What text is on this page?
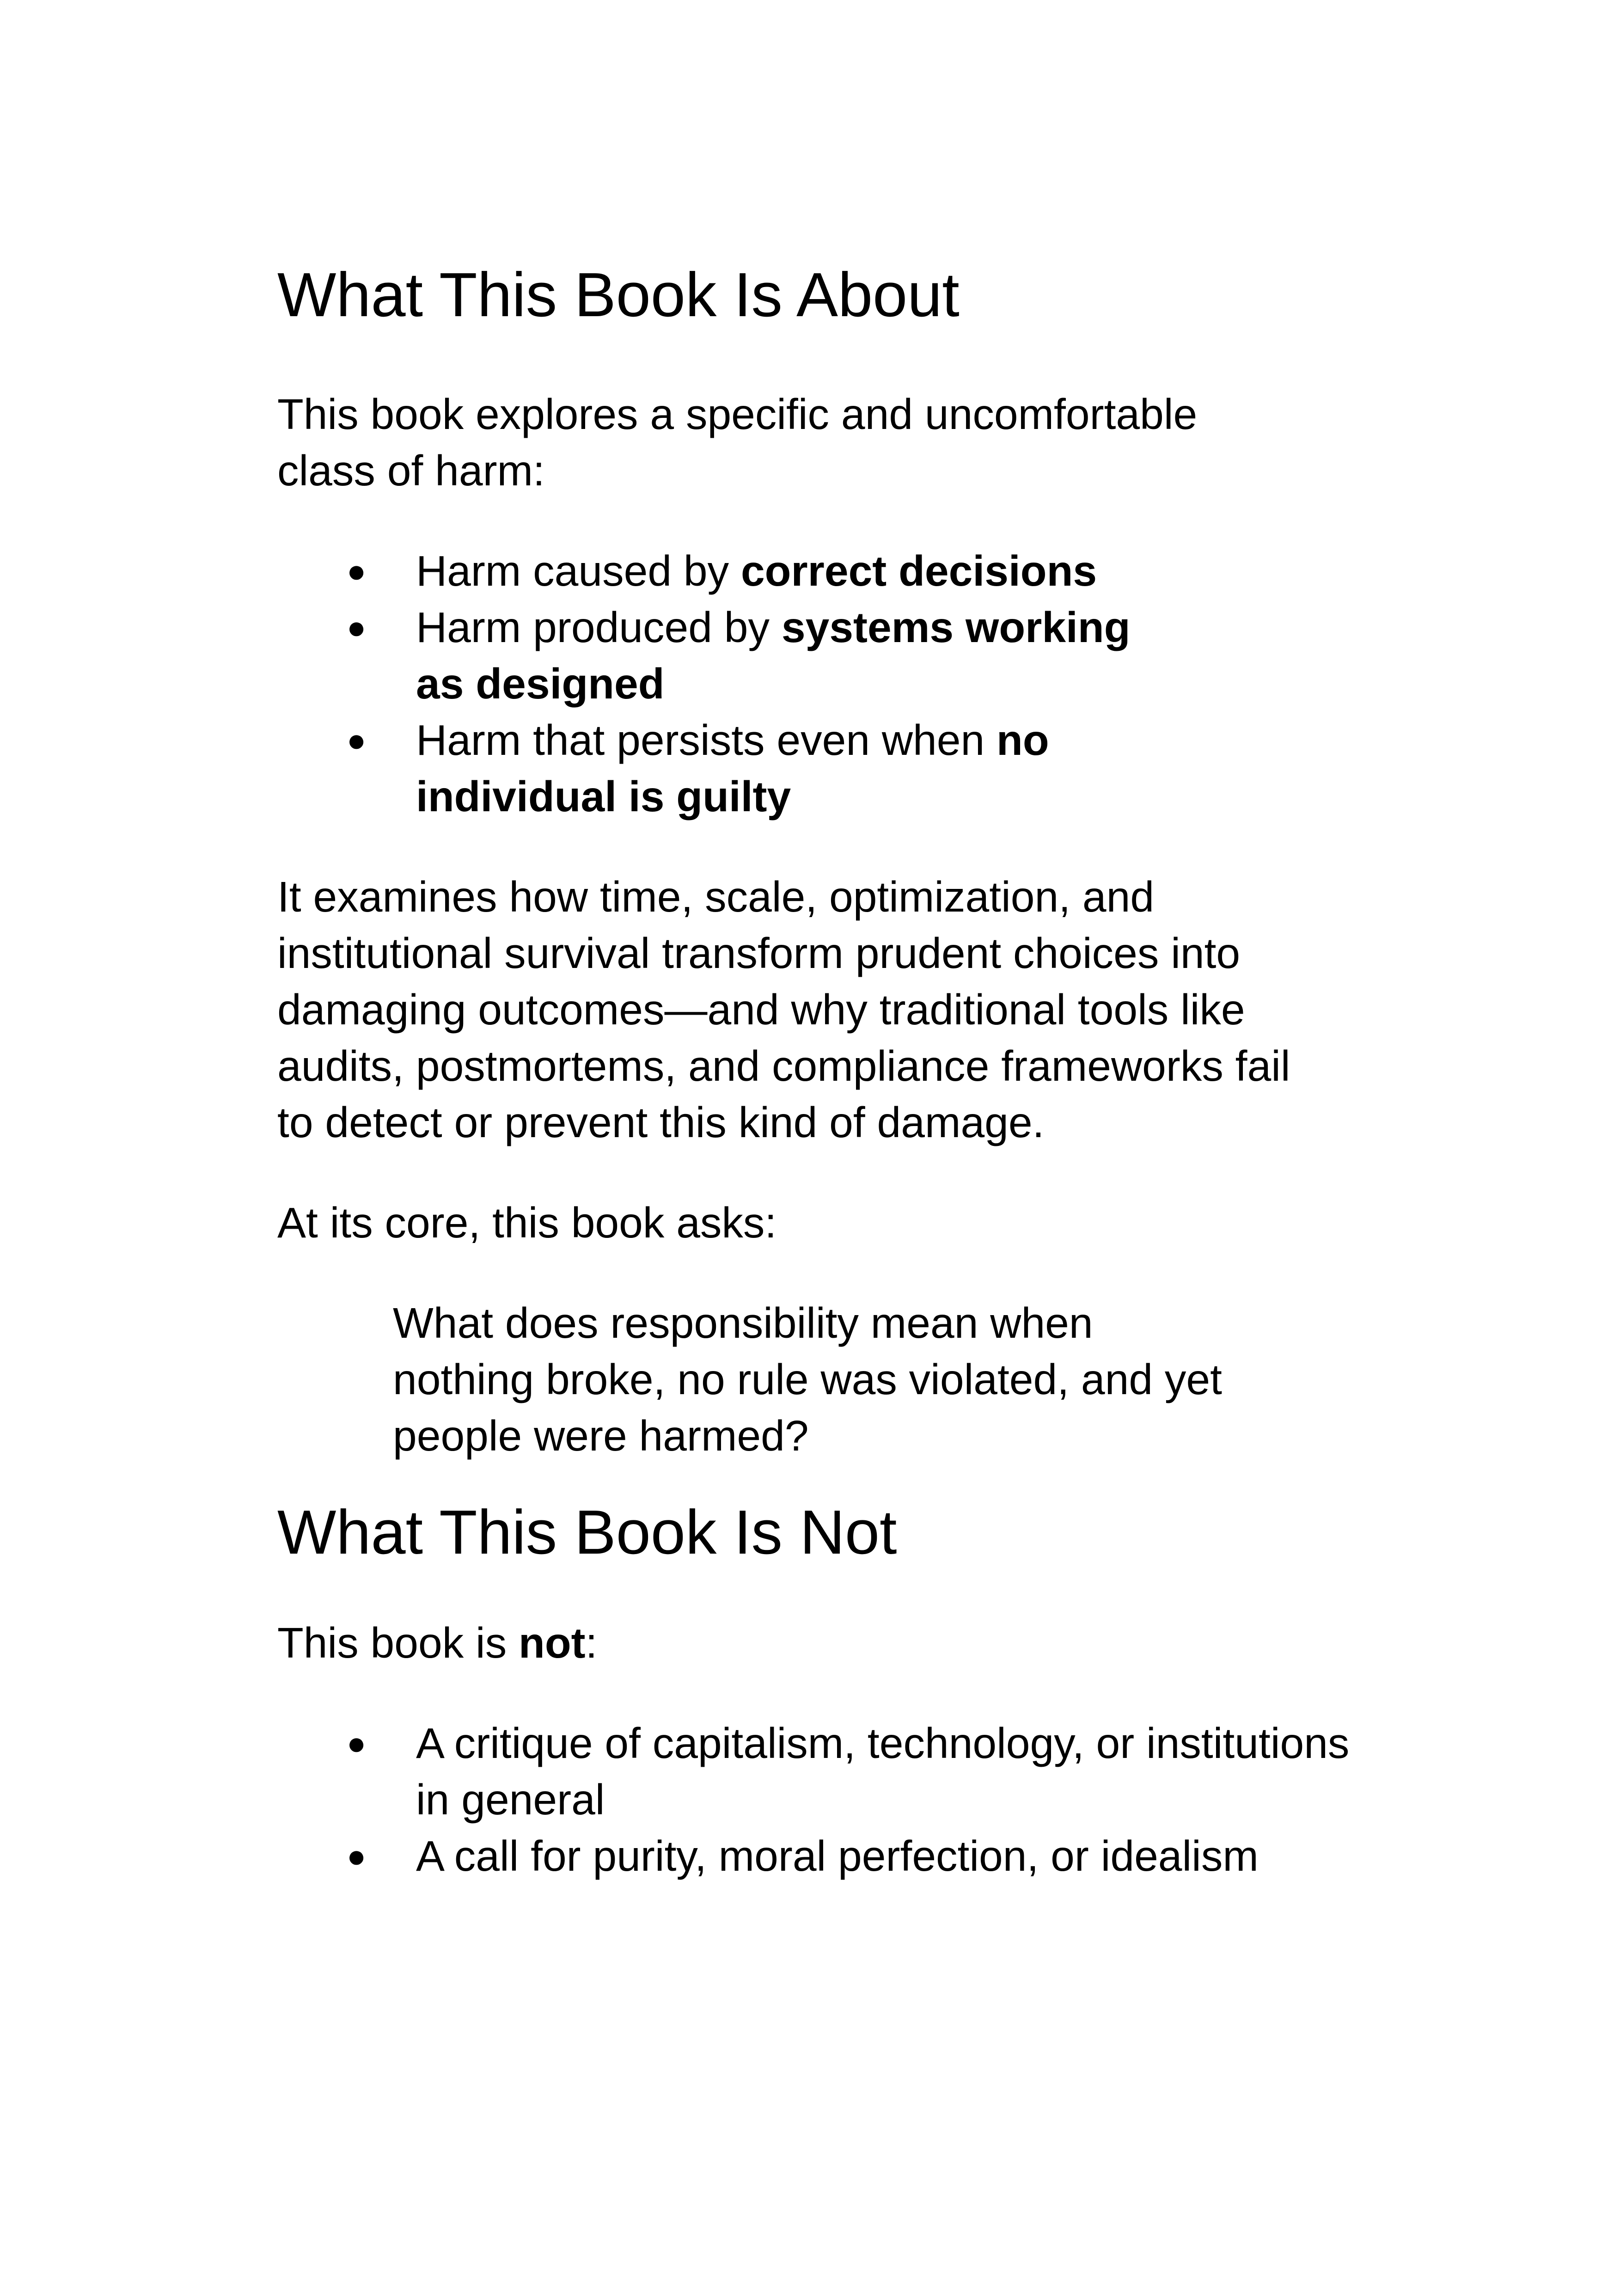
What This Book Is About

This book explores a specific and uncomfortable class of harm:

● Harm caused by correct decisions
● Harm produced by systems working as designed
● Harm that persists even when no individual is guilty

It examines how time, scale, optimization, and institutional survival transform prudent choices into damaging outcomes—and why traditional tools like audits, postmortems, and compliance frameworks fail to detect or prevent this kind of damage.

At its core, this book asks:

What does responsibility mean when nothing broke, no rule was violated, and yet people were harmed?

What This Book Is Not

This book is not:

● A critique of capitalism, technology, or institutions in general
● A call for purity, moral perfection, or idealism
